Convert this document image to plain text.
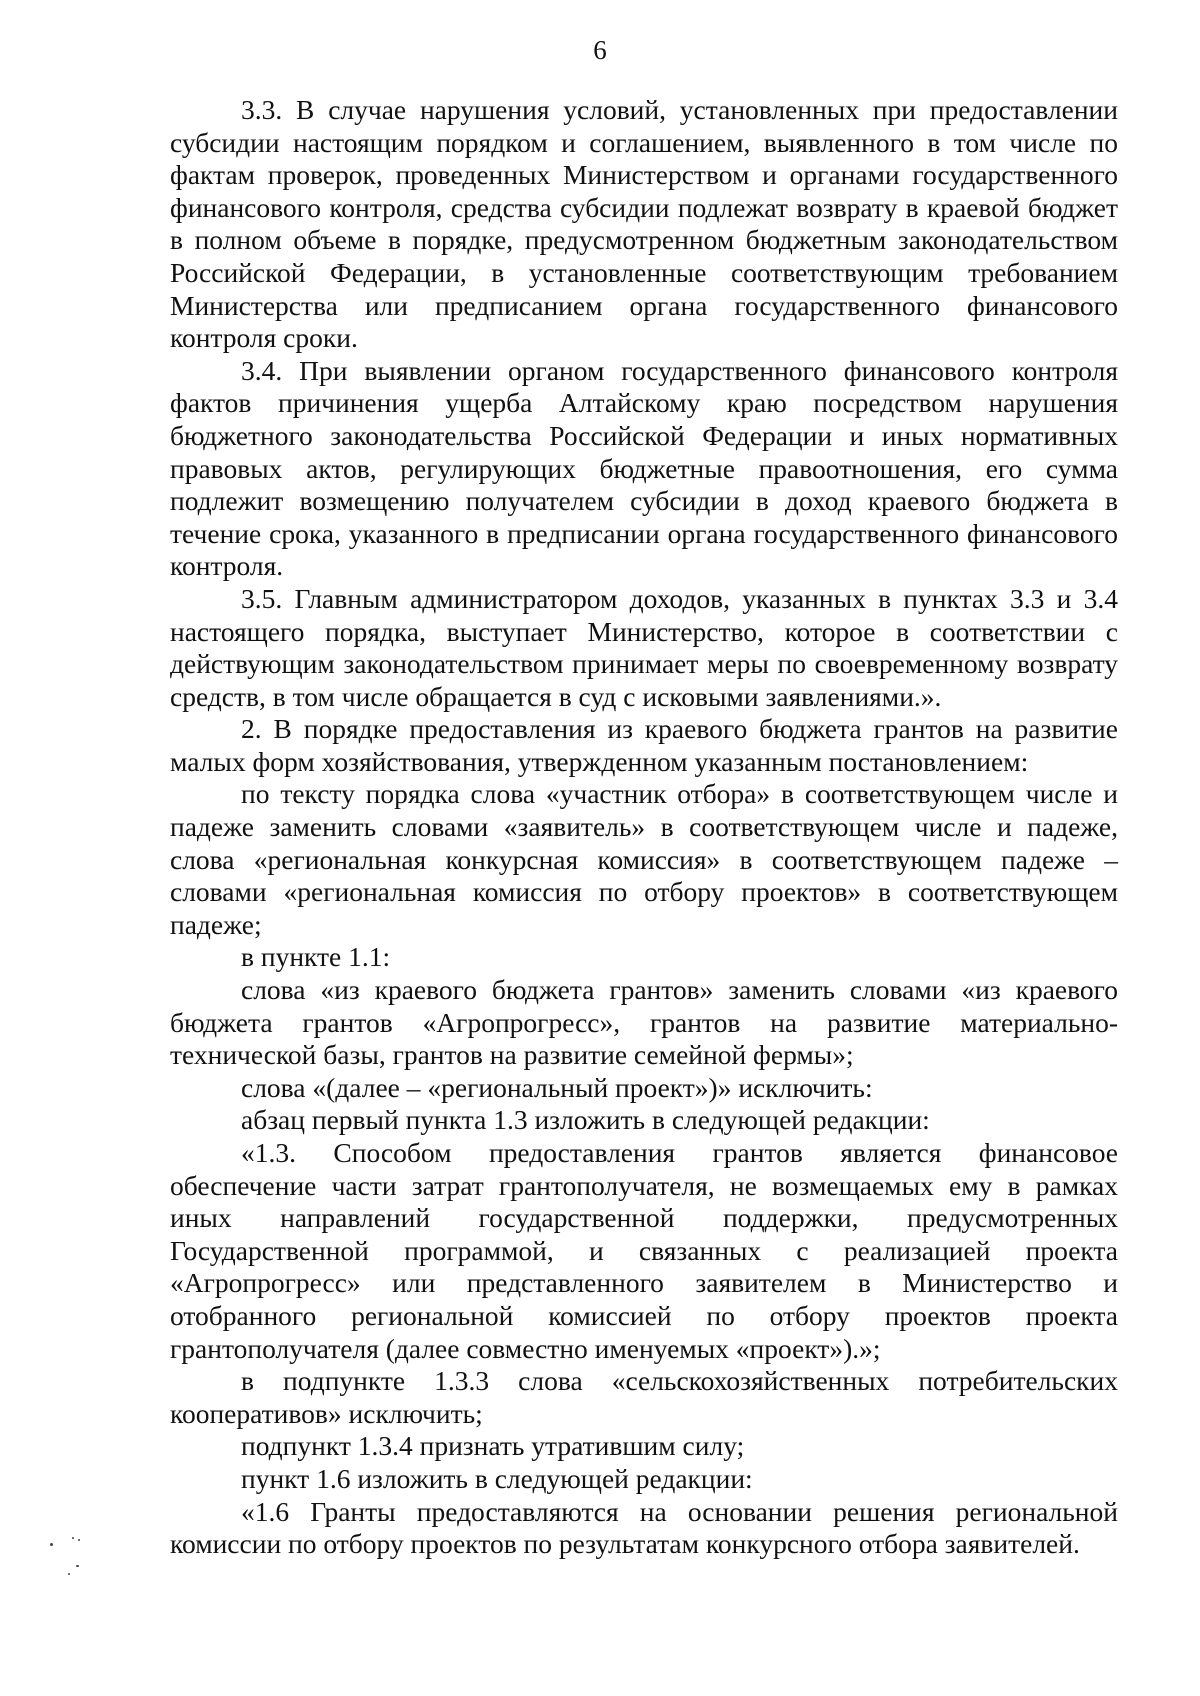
6

3.3. В случае нарушения условий, установленных при предоставлении субсидии настоящим порядком и соглашением, выявленного в том числе по фактам проверок, проведенных Министерством и органами государственного финансового контроля, средства субсидии подлежат возврату в краевой бюджет в полном объеме в порядке, предусмотренном бюджетным законодательством Российской Федерации, в установленные соответствующим требованием Министерства или предписанием органа государственного финансового контроля сроки.

3.4. При выявлении органом государственного финансового контроля фактов причинения ущерба Алтайскому краю посредством нарушения бюджетного законодательства Российской Федерации и иных нормативных правовых актов, регулирующих бюджетные правоотношения, его сумма подлежит возмещению получателем субсидии в доход краевого бюджета в течение срока, указанного в предписании органа государственного финансового контроля.

3.5. Главным администратором доходов, указанных в пунктах 3.3 и 3.4 настоящего порядка, выступает Министерство, которое в соответствии с действующим законодательством принимает меры по своевременному возврату средств, в том числе обращается в суд с исковыми заявлениями.».

2. В порядке предоставления из краевого бюджета грантов на развитие малых форм хозяйствования, утвержденном указанным постановлением:

по тексту порядка слова «участник отбора» в соответствующем числе и падеже заменить словами «заявитель» в соответствующем числе и падеже, слова «региональная конкурсная комиссия» в соответствующем падеже – словами «региональная комиссия по отбору проектов» в соответствующем падеже;

в пункте 1.1:

слова «из краевого бюджета грантов» заменить словами «из краевого бюджета грантов «Агропрогресс», грантов на развитие материально-технической базы, грантов на развитие семейной фермы»;

слова «(далее – «региональный проект»)» исключить:

абзац первый пункта 1.3 изложить в следующей редакции:

«1.3. Способом предоставления грантов является финансовое обеспечение части затрат грантополучателя, не возмещаемых ему в рамках иных направлений государственной поддержки, предусмотренных Государственной программой, и связанных с реализацией проекта «Агропрогресс» или представленного заявителем в Министерство и отобранного региональной комиссией по отбору проектов проекта грантополучателя (далее совместно именуемых «проект»).»;

в подпункте 1.3.3 слова «сельскохозяйственных потребительских кооперативов» исключить;

подпункт 1.3.4 признать утратившим силу;

пункт 1.6 изложить в следующей редакции:

«1.6 Гранты предоставляются на основании решения региональной комиссии по отбору проектов по результатам конкурсного отбора заявителей.
